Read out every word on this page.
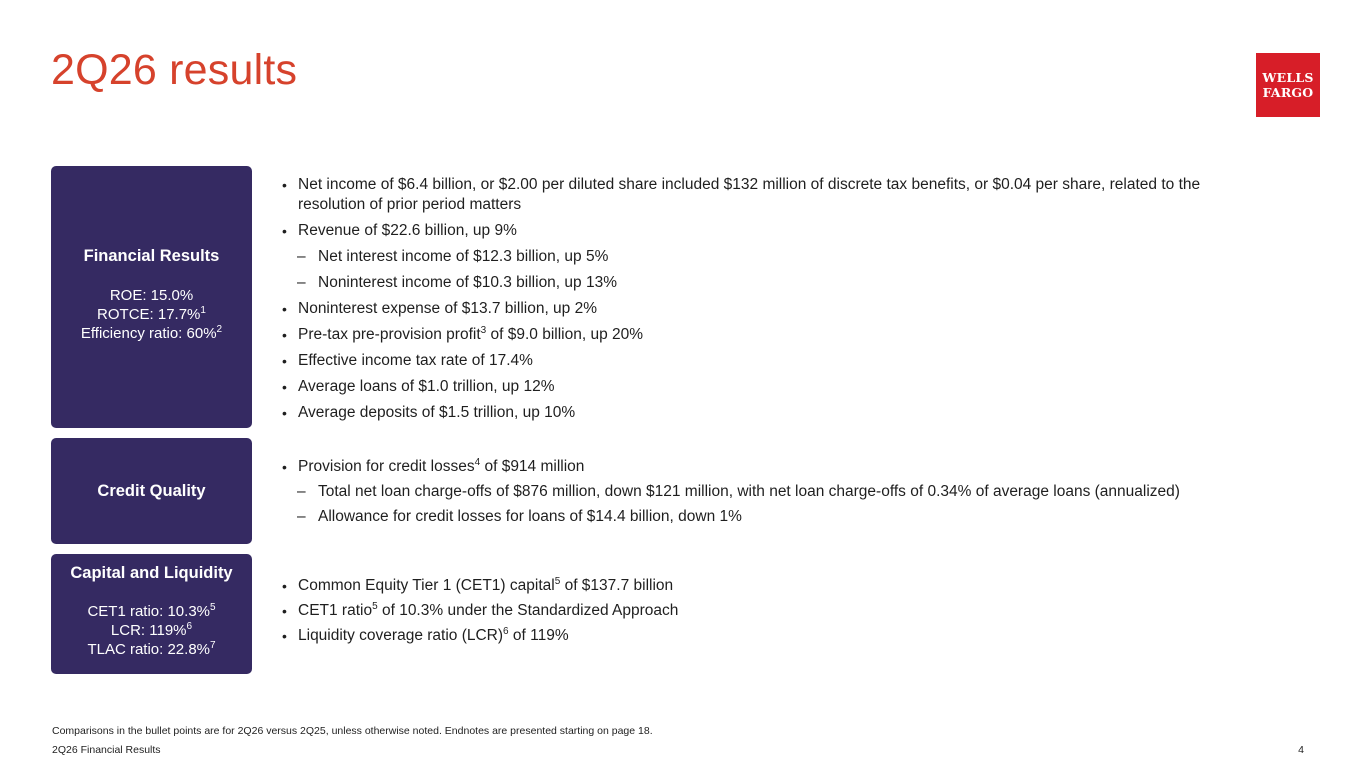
2Q26 results	WELLS
FARGO
Financial Results
ROE: 15.0%
ROTCE: 17.7%$^1$
Efficiency ratio: 60%$^2$
• Net income of $6.4 billion, or $2.00 per diluted share included $132 million of discrete tax benefits, or $0.04 per share, related to the
resolution of prior period matters
• Revenue of $22.6 billion, up 9%
– Net interest income of $12.3 billion, up 5%
– Noninterest income of $10.3 billion, up 13%
• Noninterest expense of $13.7 billion, up 2%
• Pre-tax pre-provision profit$^3$ of $9.0 billion, up 20%
• Effective income tax rate of 17.4%
• Average loans of $1.0 trillion, up 12%
• Average deposits of $1.5 trillion, up 10%
Credit Quality
• Provision for credit losses$^4$ of $914 million
– Total net loan charge-offs of $876 million, down $121 million, with net loan charge-offs of 0.34% of average loans (annualized)
– Allowance for credit losses for loans of $14.4 billion, down 1%
Capital and Liquidity
CET1 ratio: 10.3%$^5$
LCR: 119%$^6$
TLAC ratio: 22.8%$^7$
• Common Equity Tier 1 (CET1) capital$^5$ of $137.7 billion
• CET1 ratio$^5$ of 10.3% under the Standardized Approach
• Liquidity coverage ratio (LCR)$^6$ of 119%
Comparisons in the bullet points are for 2Q26 versus 2Q25, unless otherwise noted. Endnotes are presented starting on page 18.
2Q26 Financial Results	4
